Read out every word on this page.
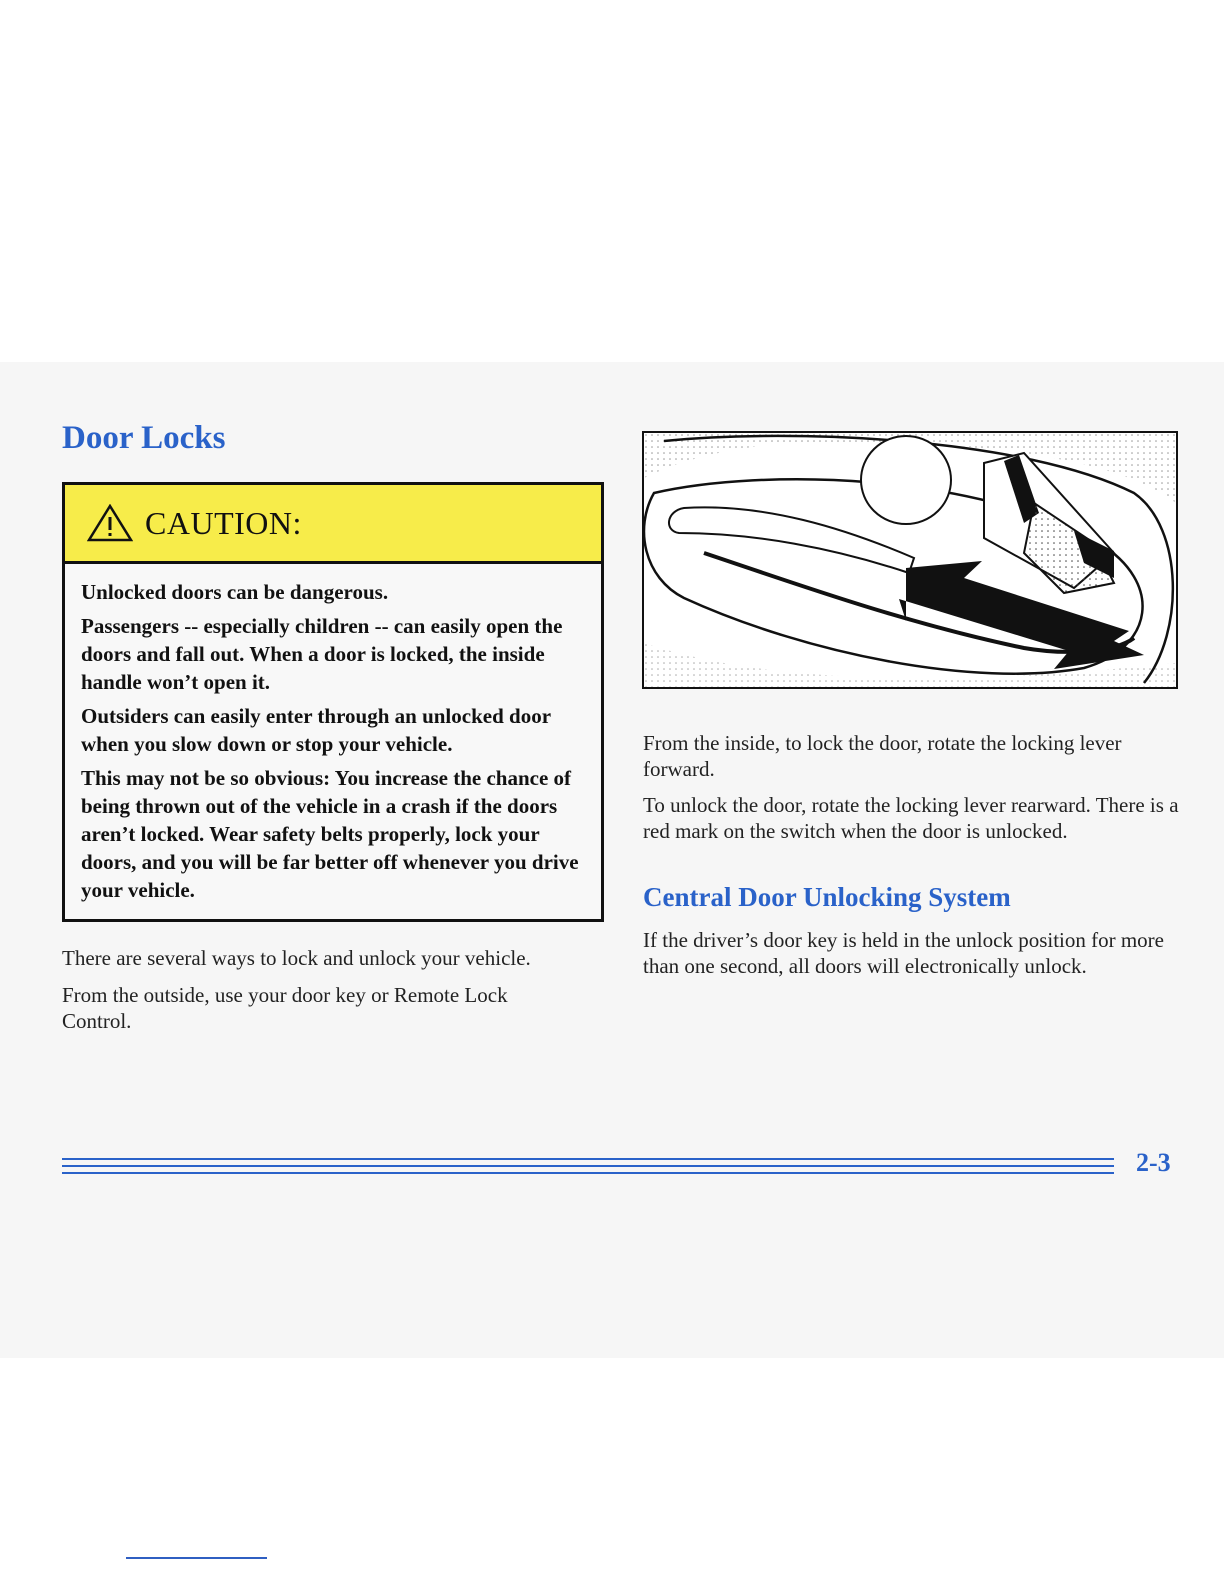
Door Locks
CAUTION:

Unlocked doors can be dangerous.

Passengers -- especially children -- can easily open the doors and fall out. When a door is locked, the inside handle won’t open it.

Outsiders can easily enter through an unlocked door when you slow down or stop your vehicle.

This may not be so obvious: You increase the chance of being thrown out of the vehicle in a crash if the doors aren’t locked. Wear safety belts properly, lock your doors, and you will be far better off whenever you drive your vehicle.

There are several ways to lock and unlock your vehicle.

From the outside, use your door key or Remote Lock Control.

From the inside, to lock the door, rotate the locking lever forward.

To unlock the door, rotate the locking lever rearward. There is a red mark on the switch when the door is unlocked.

Central Door Unlocking System

If the driver’s door key is held in the unlock position for more than one second, all doors will electronically unlock.

2-3
